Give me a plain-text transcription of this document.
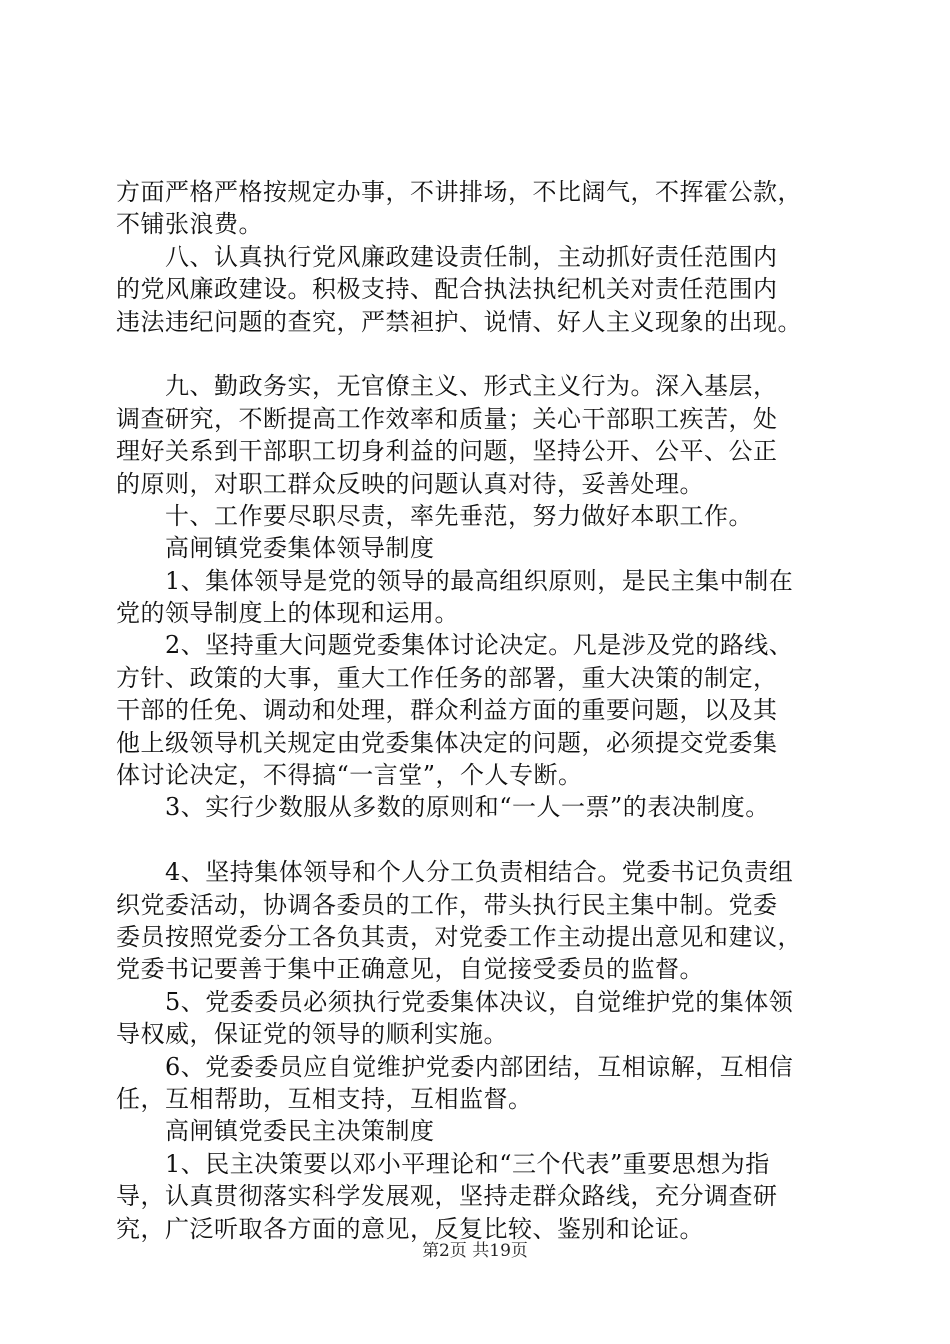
方面严格严格按规定办事，不讲排场，不比阔气，不挥霍公款，
不铺张浪费。
　　八、认真执行党风廉政建设责任制，主动抓好责任范围内
的党风廉政建设。积极支持、配合执法执纪机关对责任范围内
违法违纪问题的查究，严禁袒护、说情、好人主义现象的出现。
　　九、勤政务实，无官僚主义、形式主义行为。深入基层，
调查研究，不断提高工作效率和质量；关心干部职工疾苦，处
理好关系到干部职工切身利益的问题，坚持公开、公平、公正
的原则，对职工群众反映的问题认真对待，妥善处理。
　　十、工作要尽职尽责，率先垂范，努力做好本职工作。
　　高闸镇党委集体领导制度
　　1、集体领导是党的领导的最高组织原则，是民主集中制在
党的领导制度上的体现和运用。
　　2、坚持重大问题党委集体讨论决定。凡是涉及党的路线、
方针、政策的大事，重大工作任务的部署，重大决策的制定，
干部的任免、调动和处理，群众利益方面的重要问题，以及其
他上级领导机关规定由党委集体决定的问题，必须提交党委集
体讨论决定，不得搞“一言堂”，个人专断。
　　3、实行少数服从多数的原则和“一人一票”的表决制度。
　　4、坚持集体领导和个人分工负责相结合。党委书记负责组
织党委活动，协调各委员的工作，带头执行民主集中制。党委
委员按照党委分工各负其责，对党委工作主动提出意见和建议，
党委书记要善于集中正确意见，自觉接受委员的监督。
　　5、党委委员必须执行党委集体决议，自觉维护党的集体领
导权威，保证党的领导的顺利实施。
　　6、党委委员应自觉维护党委内部团结，互相谅解，互相信
任，互相帮助，互相支持，互相监督。
　　高闸镇党委民主决策制度
　　1、民主决策要以邓小平理论和“三个代表”重要思想为指
导，认真贯彻落实科学发展观，坚持走群众路线，充分调查研
究，广泛听取各方面的意见，反复比较、鉴别和论证。
第2页 共19页
